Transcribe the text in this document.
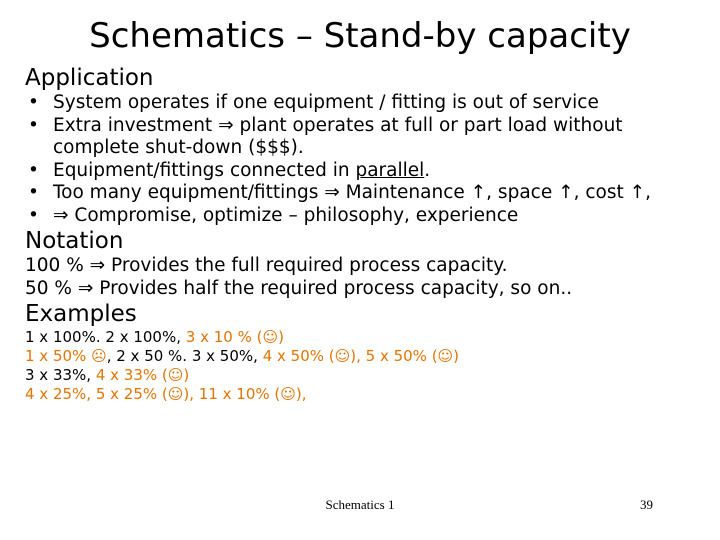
Schematics – Stand-by capacity
Application
• System operates if one equipment / fitting is out of service
• Extra investment ⇒ plant operates at full or part load without complete shut-down ($$$).
• Equipment/fittings connected in parallel.
• Too many equipment/fittings ⇒ Maintenance ↑, space ↑, cost ↑,
• ⇒ Compromise, optimize – philosophy, experience
Notation
100 % ⇒ Provides the full required process capacity.
50 % ⇒ Provides half the required process capacity, so on..
Examples
1 x 100%. 2 x 100%, 3 x 10 % (☺)
1 x 50% ☹, 2 x 50 %. 3 x 50%, 4 x 50% (☺), 5 x 50% (☺)
3 x 33%, 4 x 33% (☺)
4 x 25%, 5 x 25% (☺), 11 x 10% (☺),
Schematics 1	39
